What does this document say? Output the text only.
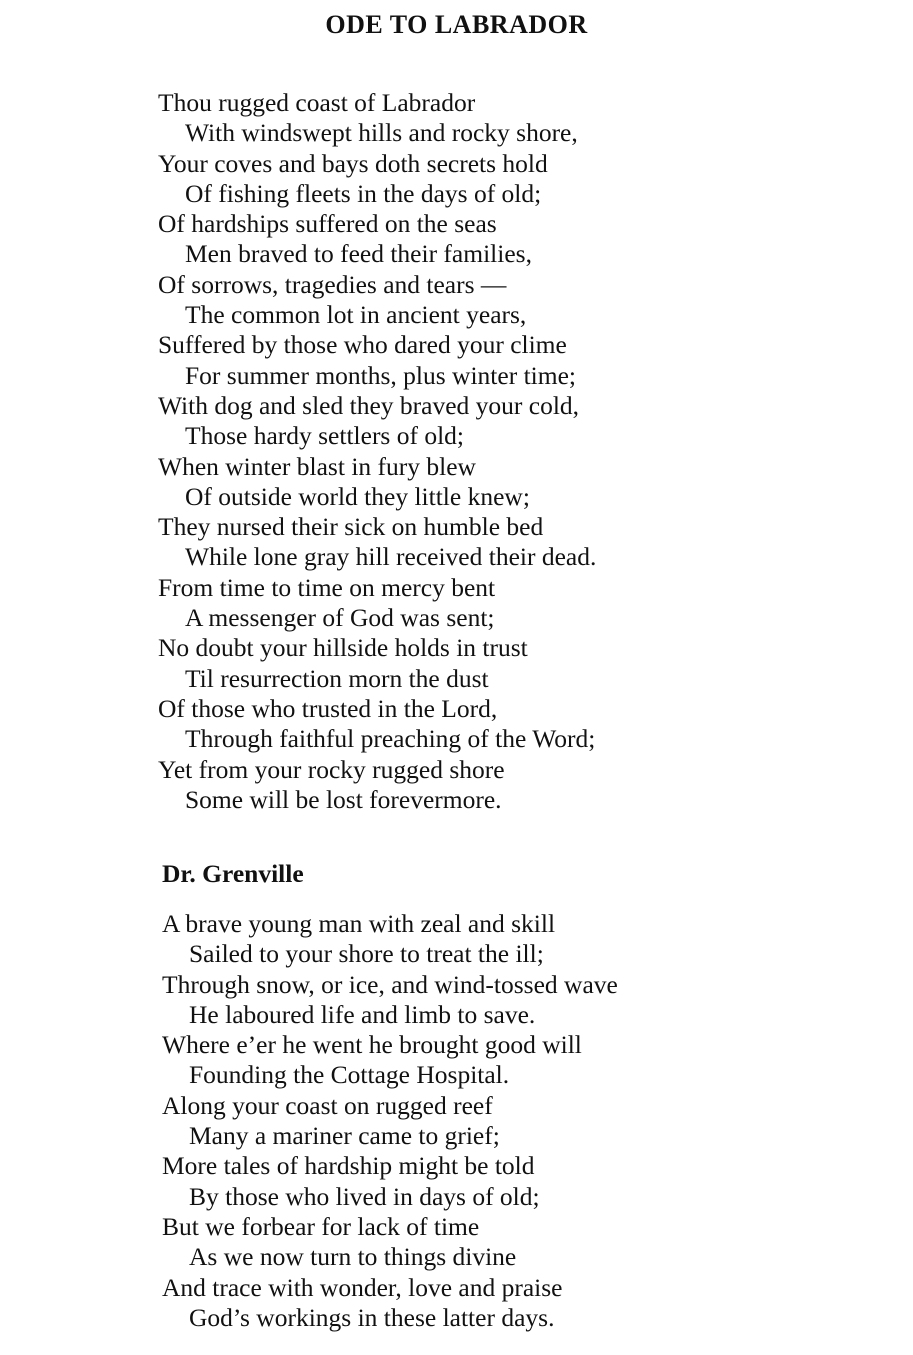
ODE TO LABRADOR
Thou rugged coast of Labrador
With windswept hills and rocky shore,
Your coves and bays doth secrets hold
Of fishing fleets in the days of old;
Of hardships suffered on the seas
Men braved to feed their families,
Of sorrows, tragedies and tears —
The common lot in ancient years,
Suffered by those who dared your clime
For summer months, plus winter time;
With dog and sled they braved your cold,
Those hardy settlers of old;
When winter blast in fury blew
Of outside world they little knew;
They nursed their sick on humble bed
While lone gray hill received their dead.
From time to time on mercy bent
A messenger of God was sent;
No doubt your hillside holds in trust
Til resurrection morn the dust
Of those who trusted in the Lord,
Through faithful preaching of the Word;
Yet from your rocky rugged shore
Some will be lost forevermore.
Dr. Grenville
A brave young man with zeal and skill
Sailed to your shore to treat the ill;
Through snow, or ice, and wind-tossed wave
He laboured life and limb to save.
Where e’er he went he brought good will
Founding the Cottage Hospital.
Along your coast on rugged reef
Many a mariner came to grief;
More tales of hardship might be told
By those who lived in days of old;
But we forbear for lack of time
As we now turn to things divine
And trace with wonder, love and praise
God’s workings in these latter days.
